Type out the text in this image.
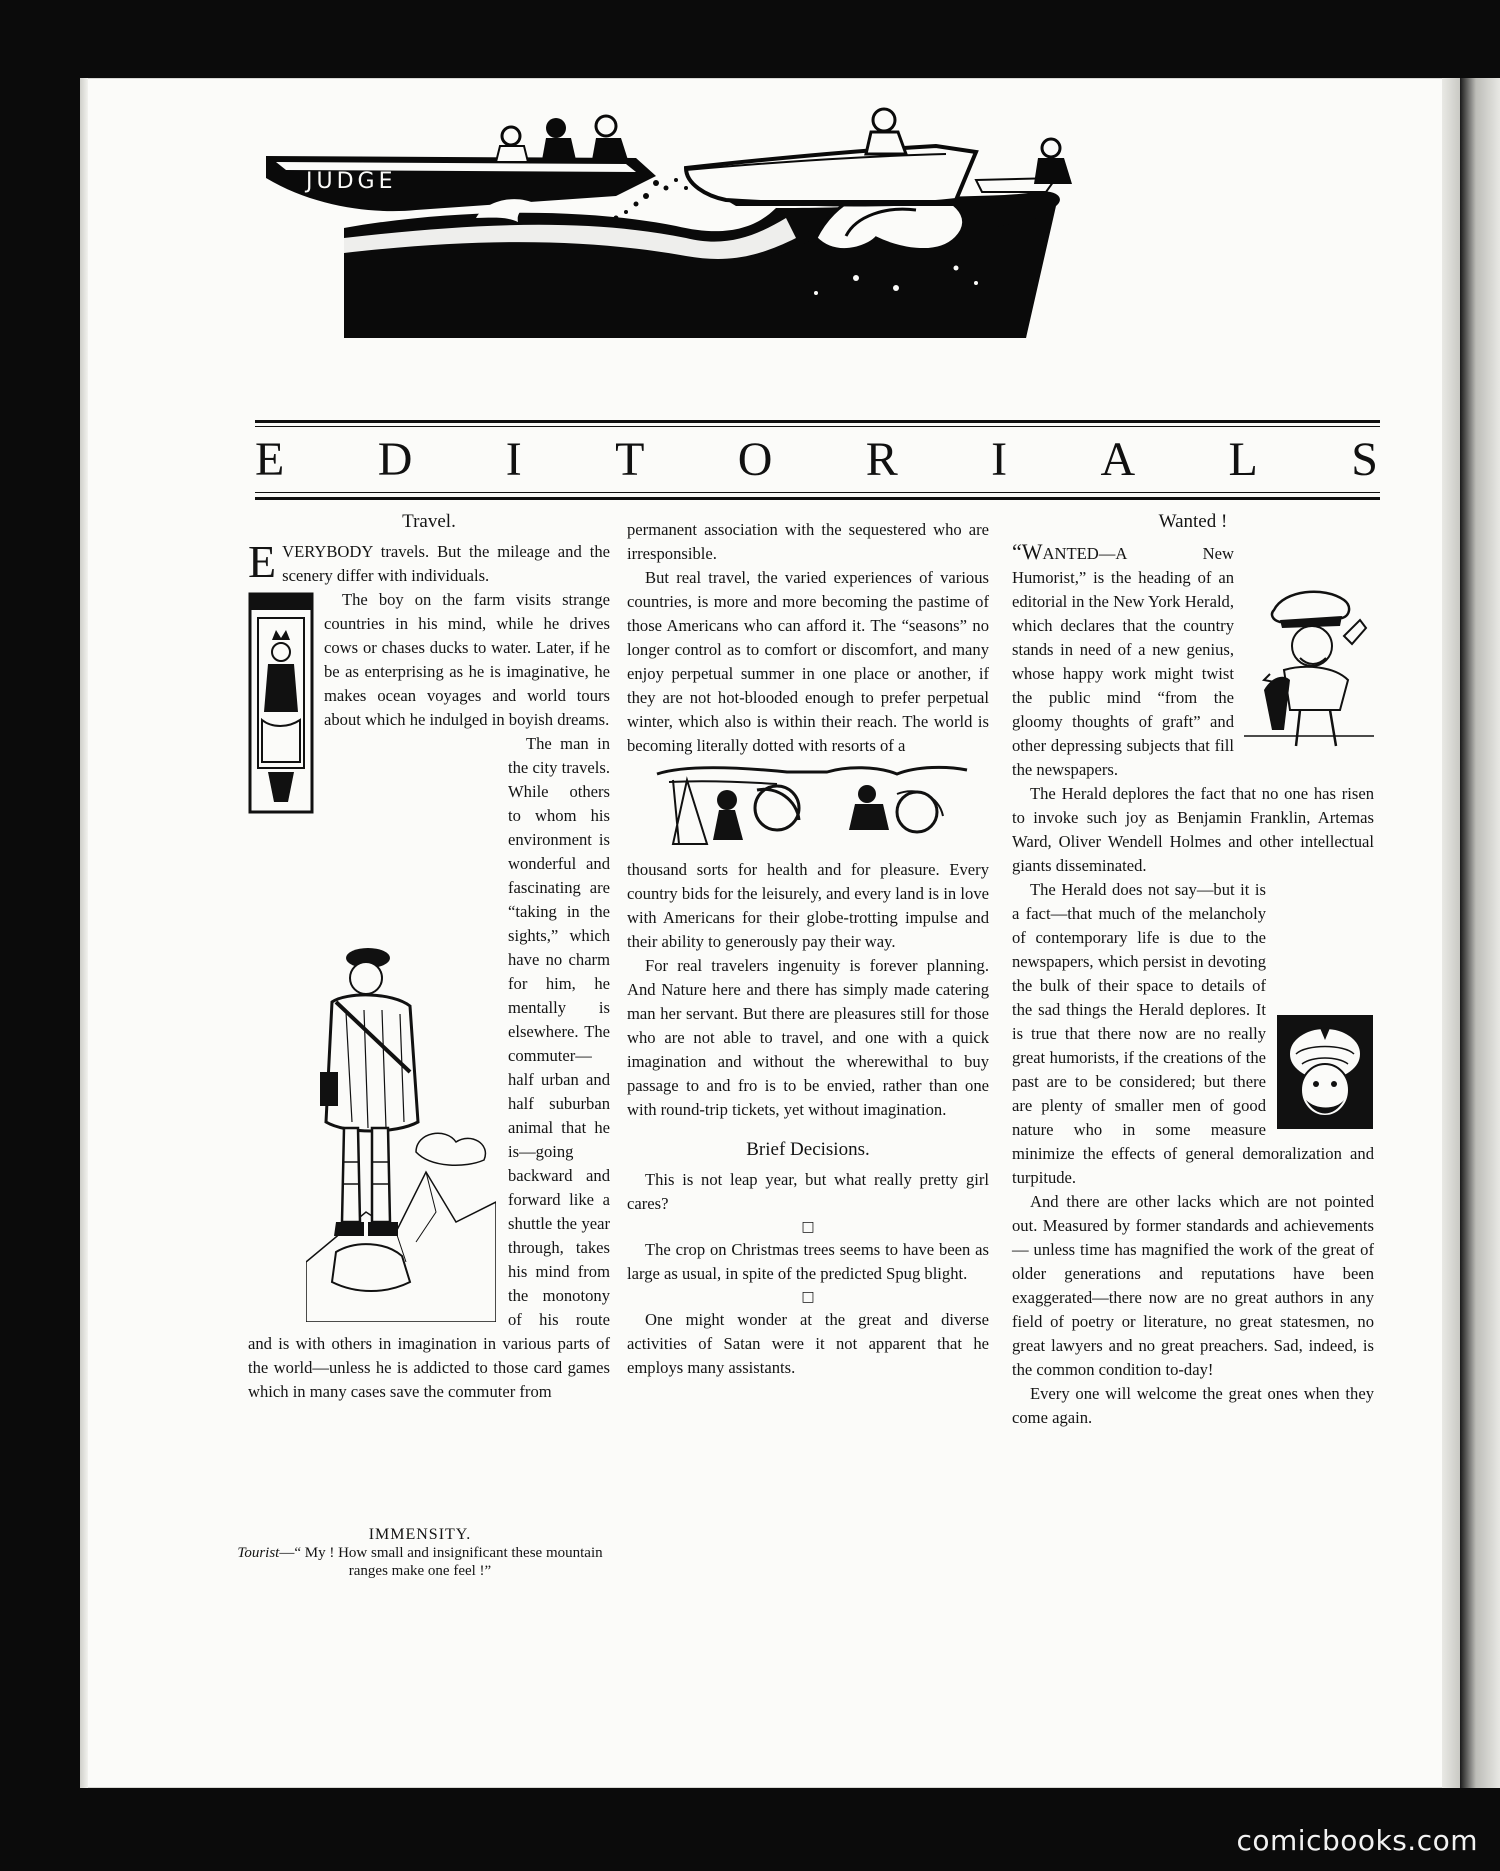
JUDGE
E D I T O R I A L S
Travel.

EVERYBODY travels. But the mileage and the scenery differ with individuals.

The boy on the farm visits strange countries in his mind, while he drives cows or chases ducks to water. Later, if he be as enterprising as he is imaginative, he makes ocean voyages and world tours about which he indulged in boyish dreams.

The man in the city travels. While others to whom his environment is wonderful and fascinating are “taking in the sights,” which have no charm for him, he mentally is elsewhere. The commuter—half urban and half suburban animal that he is—going backward and forward like a shuttle the year through, takes his mind from the monotony of his route and is with others in imagination in various parts of the world—unless he is addicted to those card games which in many cases save the commuter from

IMMENSITY.
Tourist—“ My ! How small and insignificant these mountain ranges make one feel !”

permanent association with the sequestered who are irresponsible.

But real travel, the varied experiences of various countries, is more and more becoming the pastime of those Americans who can afford it. The “seasons” no longer control as to comfort or discomfort, and many enjoy perpetual summer in one place or another, if they are not hot-blooded enough to prefer perpetual winter, which also is within their reach. The world is becoming literally dotted with resorts of a

thousand sorts for health and for pleasure. Every country bids for the leisurely, and every land is in love with Americans for their globe-trotting impulse and their ability to generously pay their way.

For real travelers ingenuity is forever planning. And Nature here and there has simply made catering man her servant. But there are pleasures still for those who are not able to travel, and one with a quick imagination and without the wherewithal to buy passage to and fro is to be envied, rather than one with round-trip tickets, yet without imagination.

Brief Decisions.

This is not leap year, but what really pretty girl cares?

□

The crop on Christmas trees seems to have been as large as usual, in spite of the predicted Spug blight.

□

One might wonder at the great and diverse activities of Satan were it not apparent that he employs many assistants.

Wanted !

“WANTED—A New Humorist,” is the heading of an editorial in the New York Herald, which declares that the country stands in need of a new genius, whose happy work might twist the public mind “from the gloomy thoughts of graft” and other depressing subjects that fill the newspapers.

The Herald deplores the fact that no one has risen to invoke such joy as Benjamin Franklin, Artemas Ward, Oliver Wendell Holmes and other intellectual giants disseminated.

The Herald does not say—but it is a fact—that much of the melancholy of contemporary life is due to the newspapers, which persist in devoting the bulk of their space to details of the sad things the Herald deplores. It is true that there now are no really great humorists, if the creations of the past are to be considered; but there are plenty of smaller men of good nature who in some measure minimize the effects of general demoralization and turpitude.

And there are other lacks which are not pointed out. Measured by former standards and achievements — unless time has magnified the work of the great of older generations and reputations have been exaggerated—there now are no great authors in any field of poetry or literature, no great statesmen, no great lawyers and no great preachers. Sad, indeed, is the common condition to-day!

Every one will welcome the great ones when they come again.

comicbooks.com
